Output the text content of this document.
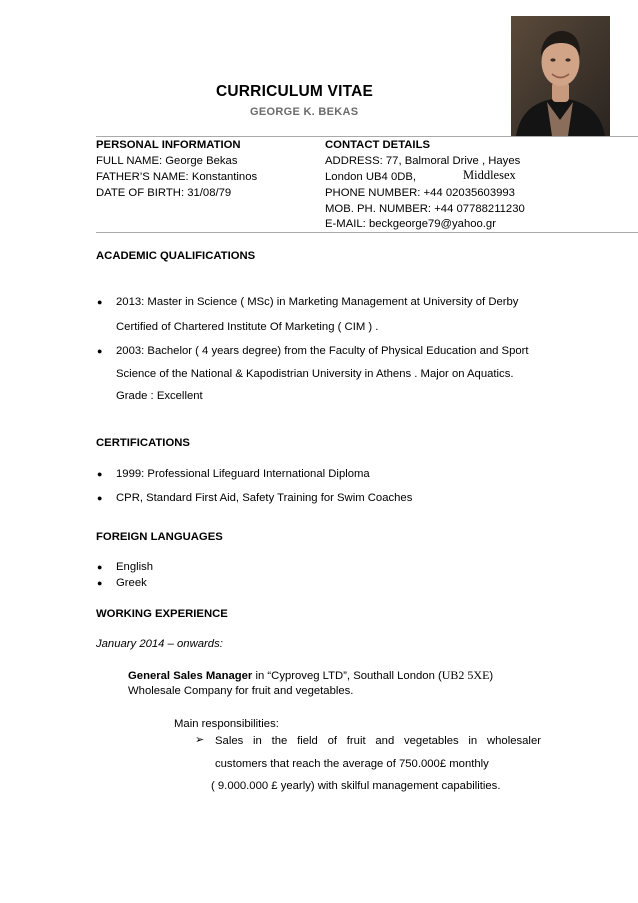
CURRICULUM VITAE
GEORGE K. BEKAS
PERSONAL INFORMATION
FULL NAME: George Bekas
FATHER’S NAME: Konstantinos
DATE OF BIRTH: 31/08/79
CONTACT DETAILS
ADDRESS: 77, Balmoral Drive , Hayes
London UB4 0DB,	Middlesex
PHONE NUMBER: +44 02035603993
MOB. PH. NUMBER: +44 07788211230
E-MAIL: beckgeorge79@yahoo.gr
ACADEMIC QUALIFICATIONS
● 2013: Master in Science ( MSc) in Marketing Management at University of Derby
Certified of Chartered Institute Of Marketing ( CIM ) .
● 2003: Bachelor ( 4 years degree) from the Faculty of Physical Education and Sport
Science of the National & Kapodistrian University in Athens . Major on Aquatics.
Grade : Excellent
CERTIFICATIONS
● 1999: Professional Lifeguard International Diploma
● CPR, Standard First Aid, Safety Training for Swim Coaches
FOREIGN LANGUAGES
● English
● Greek
WORKING EXPERIENCE
January 2014 – onwards:
General Sales Manager in “Cyproveg LTD”, Southall London (UB2 5XE)
Wholesale Company for fruit and vegetables.
Main responsibilities:
➢ Sales in the field of fruit and vegetables in wholesaler
customers that reach the average of 750.000£ monthly
( 9.000.000 £ yearly) with skilful management capabilities.
